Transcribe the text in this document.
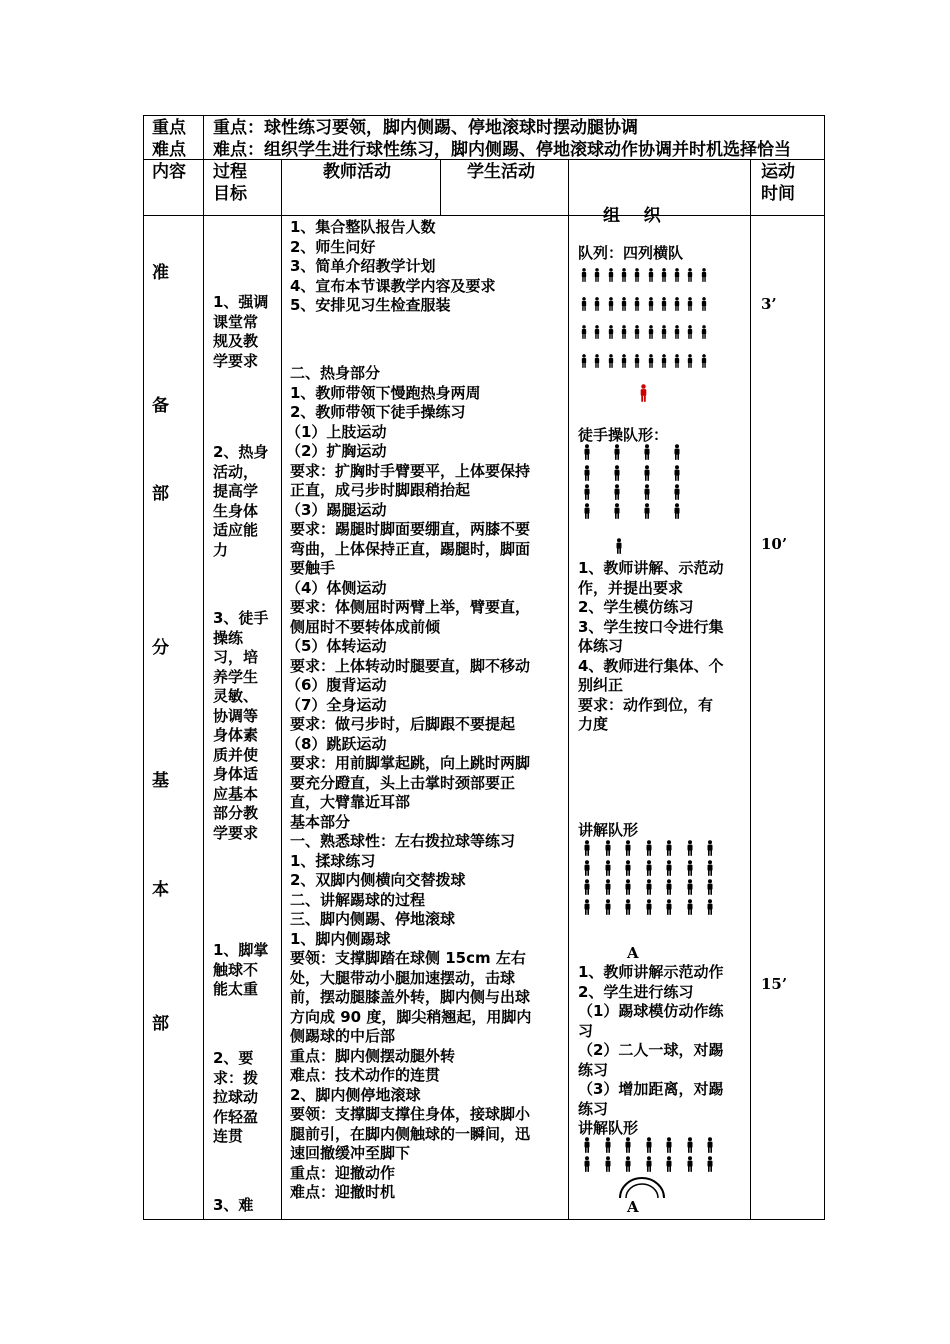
重点
难点
重点：球性练习要领，脚内侧踢、停地滚球时摆动腿协调
难点：组织学生进行球性练习，脚内侧踢、停地滚球动作协调并时机选择恰当
内容 过程
目标
教师活动	学生活动

组    织

运动
时间
准
备
部
分
基
本
部
1、强调
课堂常
规及教
学要求
2、热身
活动，
提高学
生身体
适应能
力
3、徒手
操练
习，培
养学生
灵敏、
协调等
身体素
质并使
身体适
应基本
部分教
学要求
1、脚掌
触球不
能太重
2、要
求：拨
拉球动
作轻盈
连贯
3、难
1、集合整队报告人数
2、师生问好
3、简单介绍教学计划
4、宣布本节课教学内容及要求
5、安排见习生检查服装
二、热身部分
1、教师带领下慢跑热身两周
2、教师带领下徒手操练习
（1）上肢运动
（2）扩胸运动
要求：扩胸时手臂要平，上体要保持
正直，成弓步时脚跟稍抬起
（3）踢腿运动
要求：踢腿时脚面要绷直，两膝不要
弯曲，上体保持正直，踢腿时，脚面
要触手
（4）体侧运动
要求：体侧屈时两臂上举，臂要直，
侧屈时不要转体成前倾
（5）体转运动
要求：上体转动时腿要直，脚不移动
（6）腹背运动
（7）全身运动
要求：做弓步时，后脚跟不要提起
（8）跳跃运动
要求：用前脚掌起跳，向上跳时两脚
要充分蹬直，头上击掌时颈部要正
直，大臂靠近耳部
基本部分
一、熟悉球性：左右拨拉球等练习
1、揉球练习
2、双脚内侧横向交替拨球
二、讲解踢球的过程
三、脚内侧踢、停地滚球
1、脚内侧踢球
要领：支撑脚踏在球侧 15cm 左右
处，大腿带动小腿加速摆动，击球
前，摆动腿膝盖外转，脚内侧与出球
方向成 90 度，脚尖稍翘起，用脚内
侧踢球的中后部
重点：脚内侧摆动腿外转
难点：技术动作的连贯
2、脚内侧停地滚球
要领：支撑脚支撑住身体，接球脚小
腿前引，在脚内侧触球的一瞬间，迅
速回撤缓冲至脚下
重点：迎撤动作
难点：迎撤时机
队列：四列横队
徒手操队形：
1、教师讲解、示范动
作，并提出要求
2、学生模仿练习
3、学生按口令进行集
体练习
4、教师进行集体、个
别纠正
要求：动作到位，有
力度
讲解队形
A
1、教师讲解示范动作
2、学生进行练习
（1）踢球模仿动作练
习
（2）二人一球，对踢
练习
（3）增加距离，对踢
练习
讲解队形
A
3’
10’
15’
